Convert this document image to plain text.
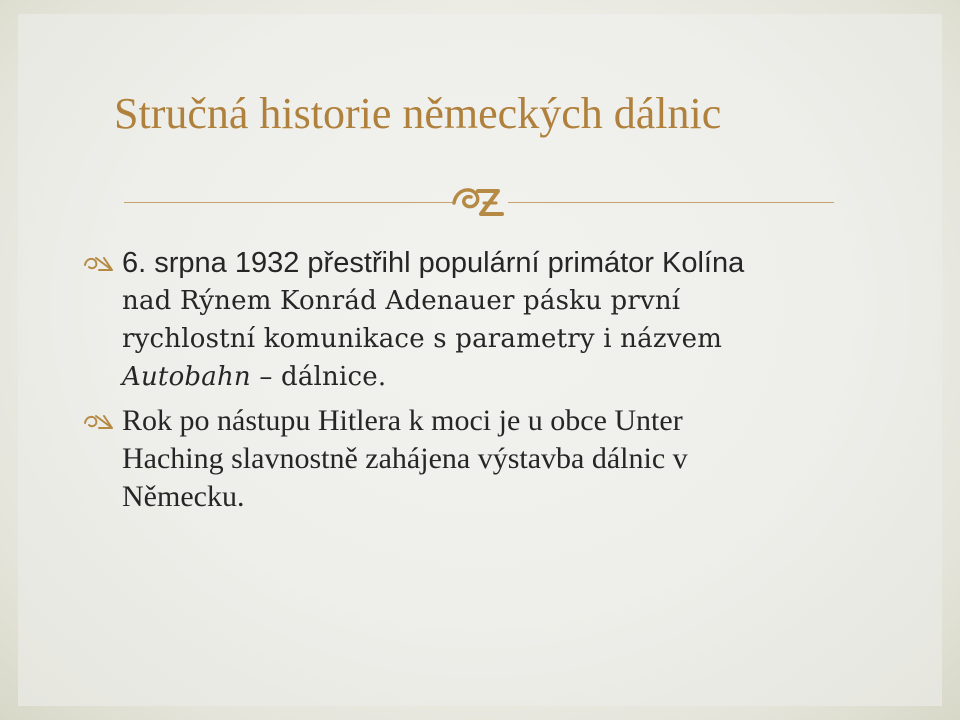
Stručná historie německých dálnic
6. srpna 1932 přestřihl populární primátor Kolína
nad Rýnem Konrád Adenauer pásku první
rychlostní komunikace s parametry i názvem
Autobahn – dálnice.
Rok po nástupu Hitlera k moci je u obce Unter
Haching slavnostně zahájena výstavba dálnic v
Německu.
